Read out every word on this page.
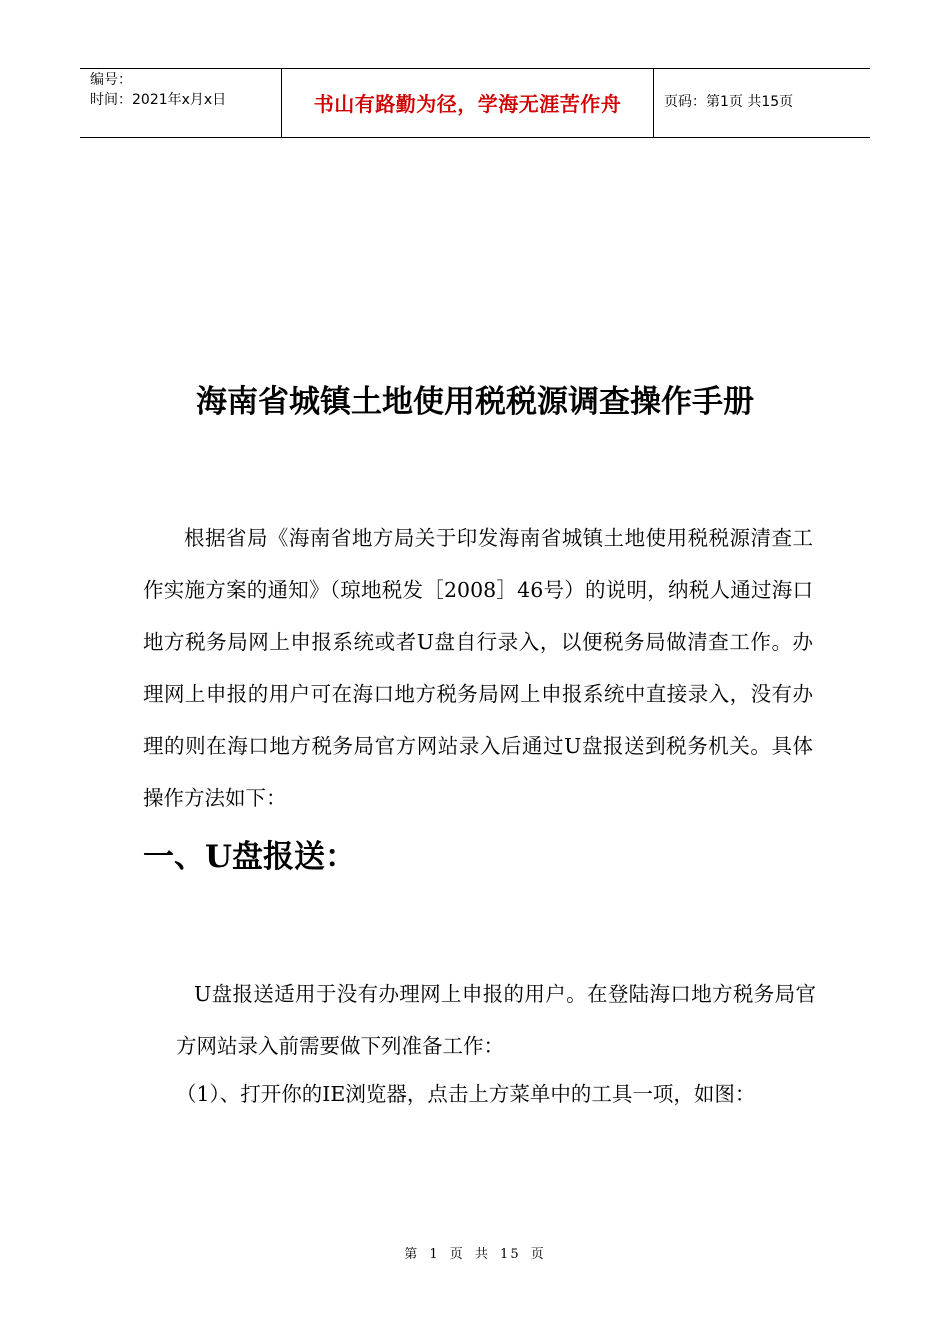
编号：
时间：2021年x月x日	书山有路勤为径，学海无涯苦作舟	页码：第1页 共15页
海南省城镇土地使用税税源调查操作手册

根据省局《海南省地方局关于印发海南省城镇土地使用税税源清查工作实施方案的通知》（琼地税发［2008］46号）的说明，纳税人通过海口地方税务局网上申报系统或者U盘自行录入，以便税务局做清查工作。办理网上申报的用户可在海口地方税务局网上申报系统中直接录入，没有办理的则在海口地方税务局官方网站录入后通过U盘报送到税务机关。具体操作方法如下：

一、U盘报送：

U盘报送适用于没有办理网上申报的用户。在登陆海口地方税务局官方网站录入前需要做下列准备工作：

（1）、打开你的IE浏览器，点击上方菜单中的工具一项，如图：
第 1 页 共 15 页
